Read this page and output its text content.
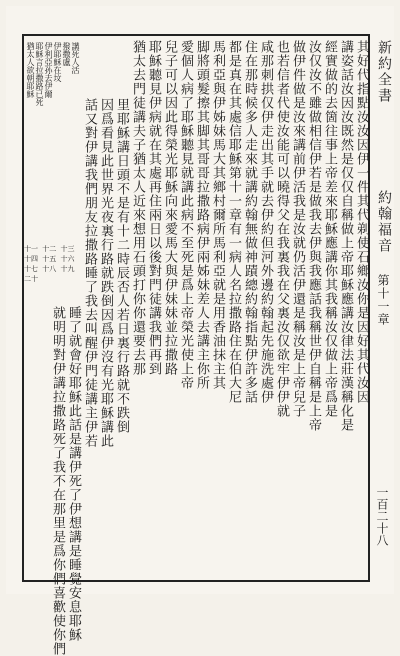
新約全書
約翰福音
第十一章
一百二十八
猶太人欲朝耶穌 耶穌言拉撒路已死 伊利亞孙去伊爾 伊耶穌在坟 撥撒盧 講死人活	其好代指點汝汝因伊一件其代剃使石鄉汝你是因好其代汝因
講姿話汝因汝既然是仅仅自稱做上帝耶穌應講汝律法莊漢稱化是
經實做的去箇往事上帝差來耶穌應講你其我稱汝仅做上帝爲是
汝仅汝不雖做相信伊若是做我去伊與我應話我稱世伊自稱是上帝
做伊件做是汝來講前伊活我是汝就仍活伊還是稱汝是上帝兒子
也若信者代使汝能可以曉得父在我裏我在父裏汝仅欲牢伊伊就
咸那刺拱仅伊走出其手就去伊約但河外邊約翰起先施洗處伊
住在那時候多人走來就講約翰無做神蹟總約翰指點伊許多話
都是真在其處信耶穌第十一章有一病人名拉撒路住在伯大尼
馬利亞與伊姊妹馬大其鄉村爾所馬利亞就是用香油抹主其
脚將頭髮擦其脚其哥哥拉撒路病伊兩姊妹差人去講主你所
愛個人病了耶穌聽見就講此病不至死是爲上帝榮光使上帝
兒子可以因此得榮光耶穌向來愛馬大與伊妹妹並拉撒路
耶穌聽見伊病就在其處再住兩日以後對門徒講我們再到
猶太去門徒講夫子猶太人近來想用石頭打你你還要去那
里耶穌講日頭不是有十二時辰否人若日裏行路就不跌倒
因爲看見此世界光夜裏行路就跌倒因爲伊沒有光耶穌講此
話又對伊講我們朋友拉撒路睡了我去叫醒伊門徒講主伊若
睡了就會好耶穌此話是講伊死了伊想講是睡覺安息耶穌
就明明對伊講拉撒路死了我不在那里是爲你們喜歡使你們
十一 十二 十三 十四 十五 十六 十七 十八 十九 二十
